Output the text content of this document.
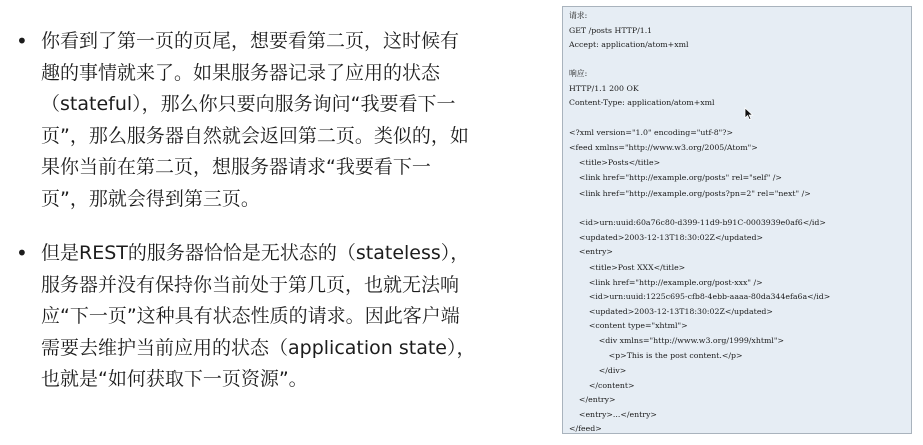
• 你看到了第一页的页尾，想要看第二页，这时候有
趣的事情就来了。如果服务器记录了应用的状态
（stateful），那么你只要向服务询问“我要看下一
页”，那么服务器自然就会返回第二页。类似的，如
果你当前在第二页，想服务器请求“我要看下一
页”，那就会得到第三页。
• 但是REST的服务器恰恰是无状态的（stateless），
服务器并没有保持你当前处于第几页，也就无法响
应“下一页”这种具有状态性质的请求。因此客户端
需要去维护当前应用的状态（application state），
也就是“如何获取下一页资源”。
请求:
GET /posts HTTP/1.1
Accept: application/atom+xml
响应:
HTTP/1.1 200 OK
Content-Type: application/atom+xml
<?xml version="1.0" encoding="utf-8"?>
<feed xmlns="http://www.w3.org/2005/Atom">
<title>Posts</title>
<link href="http://example.org/posts" rel="self" />
<link href="http://example.org/posts?pn=2" rel="next" />
<id>urn:uuid:60a76c80-d399-11d9-b91C-0003939e0af6</id>
<updated>2003-12-13T18:30:02Z</updated>
<entry>
<title>Post XXX</title>
<link href="http://example.org/post-xxx" />
<id>urn:uuid:1225c695-cfb8-4ebb-aaaa-80da344efa6a</id>
<updated>2003-12-13T18:30:02Z</updated>
<content type="xhtml">
<div xmlns="http://www.w3.org/1999/xhtml">
<p>This is the post content.</p>
</div>
</content>
</entry>
<entry>...</entry>
</feed>
